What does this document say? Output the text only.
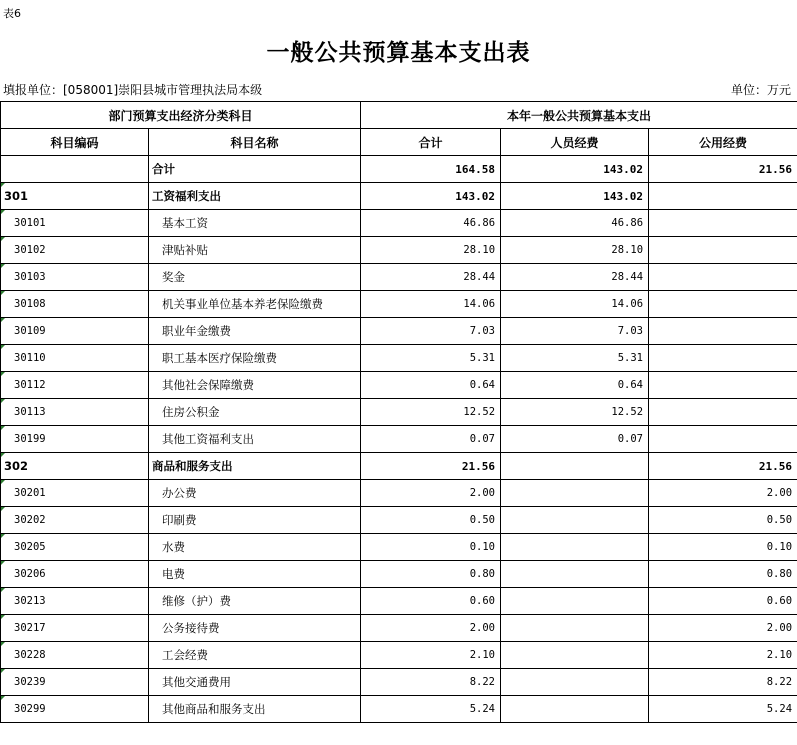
表6
一般公共预算基本支出表
填报单位：[058001]崇阳县城市管理执法局本级	单位：万元
部门预算支出经济分类科目		本年一般公共预算基本支出		
科目编码	科目名称	合计	人员经费	公用经费
	合计	164.58	143.02	21.56
301	工资福利支出	143.02	143.02	
30101	基本工资	46.86	46.86	
30102	津贴补贴	28.10	28.10	
30103	奖金	28.44	28.44	
30108	机关事业单位基本养老保险缴费	14.06	14.06	
30109	职业年金缴费	7.03	7.03	
30110	职工基本医疗保险缴费	5.31	5.31	
30112	其他社会保障缴费	0.64	0.64	
30113	住房公积金	12.52	12.52	
30199	其他工资福利支出	0.07	0.07	
302	商品和服务支出	21.56		21.56
30201	办公费	2.00		2.00
30202	印刷费	0.50		0.50
30205	水费	0.10		0.10
30206	电费	0.80		0.80
30213	维修（护）费	0.60		0.60
30217	公务接待费	2.00		2.00
30228	工会经费	2.10		2.10
30239	其他交通费用	8.22		8.22
30299	其他商品和服务支出	5.24		5.24
